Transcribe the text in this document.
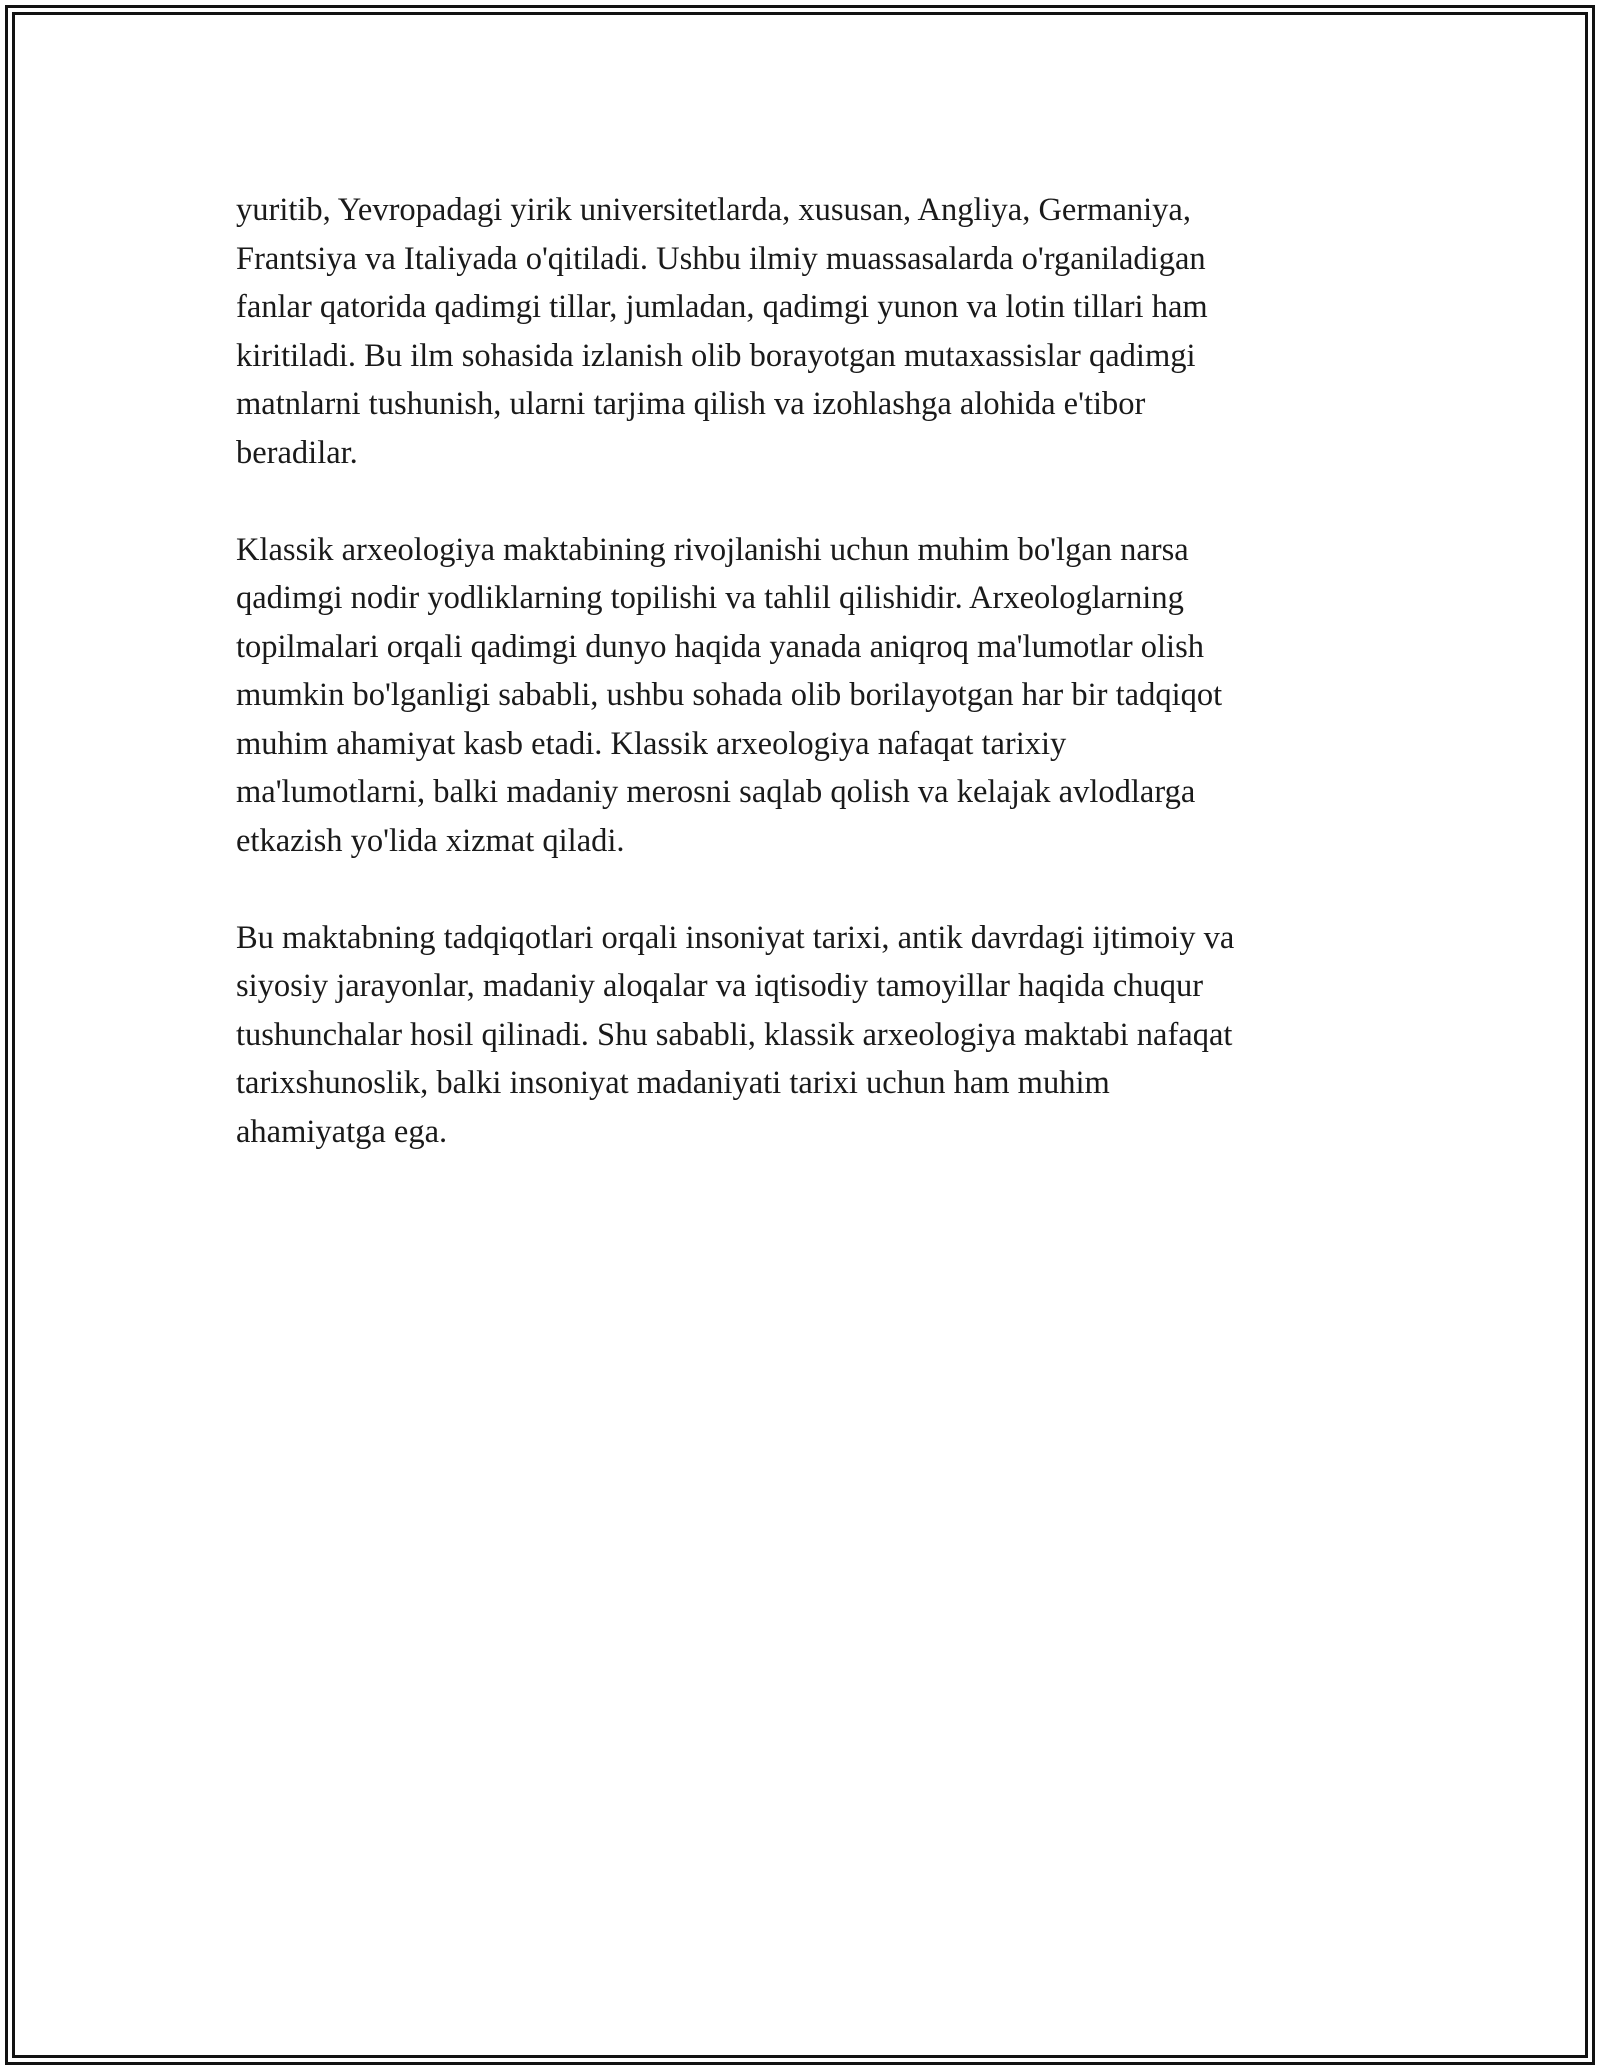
yuritib, Yevropadagi yirik universitetlarda, xususan, Angliya, Germaniya,
Frantsiya va Italiyada o'qitiladi. Ushbu ilmiy muassasalarda o'rganiladigan
fanlar qatorida qadimgi tillar, jumladan, qadimgi yunon va lotin tillari ham
kiritiladi. Bu ilm sohasida izlanish olib borayotgan mutaxassislar qadimgi
matnlarni tushunish, ularni tarjima qilish va izohlashga alohida e'tibor
beradilar.

Klassik arxeologiya maktabining rivojlanishi uchun muhim bo'lgan narsa
qadimgi nodir yodliklarning topilishi va tahlil qilishidir. Arxeologlarning
topilmalari orqali qadimgi dunyo haqida yanada aniqroq ma'lumotlar olish
mumkin bo'lganligi sababli, ushbu sohada olib borilayotgan har bir tadqiqot
muhim ahamiyat kasb etadi. Klassik arxeologiya nafaqat tarixiy
ma'lumotlarni, balki madaniy merosni saqlab qolish va kelajak avlodlarga
etkazish yo'lida xizmat qiladi.

Bu maktabning tadqiqotlari orqali insoniyat tarixi, antik davrdagi ijtimoiy va
siyosiy jarayonlar, madaniy aloqalar va iqtisodiy tamoyillar haqida chuqur
tushunchalar hosil qilinadi. Shu sababli, klassik arxeologiya maktabi nafaqat
tarixshunoslik, balki insoniyat madaniyati tarixi uchun ham muhim
ahamiyatga ega.
